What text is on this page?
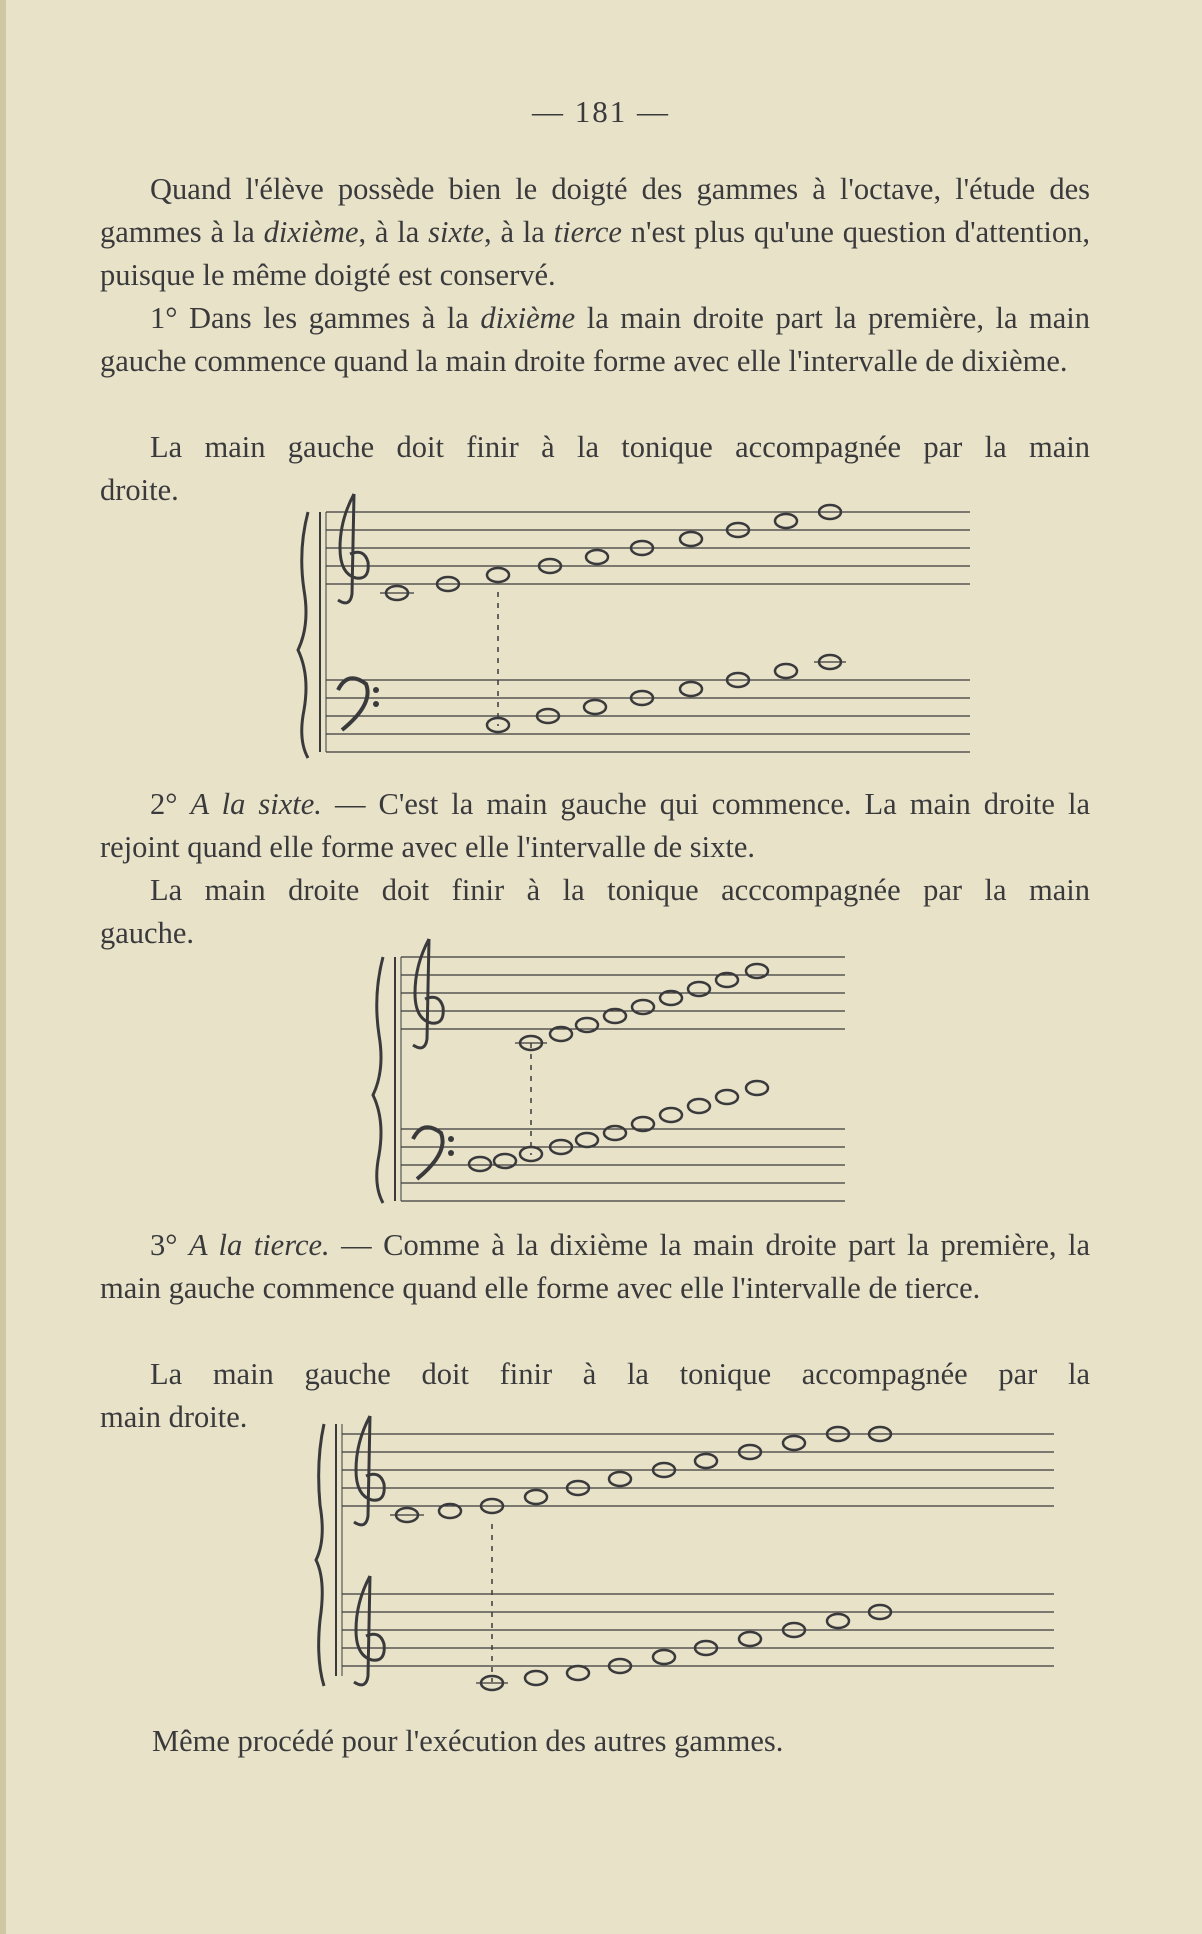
— 181 —

Quand l'élève possède bien le doigté des gammes à l'octave, l'étude des gammes à la dixième, à la sixte, à la tierce n'est plus qu'une question d'attention, puisque le même doigté est conservé.

1° Dans les gammes à la dixième la main droite part la première, la main gauche commence quand la main droite forme avec elle l'intervalle de dixième.

La main gauche doit finir à la tonique accompagnée par la main

droite.

2° A la sixte. — C'est la main gauche qui commence. La main droite la rejoint quand elle forme avec elle l'intervalle de sixte.

La main droite doit finir à la tonique acccompagnée par la main

gauche.

3° A la tierce. — Comme à la dixième la main droite part la première, la main gauche commence quand elle forme avec elle l'intervalle de tierce.

La main gauche doit finir à la tonique accompagnée par la

main droite.

Même procédé pour l'exécution des autres gammes.
